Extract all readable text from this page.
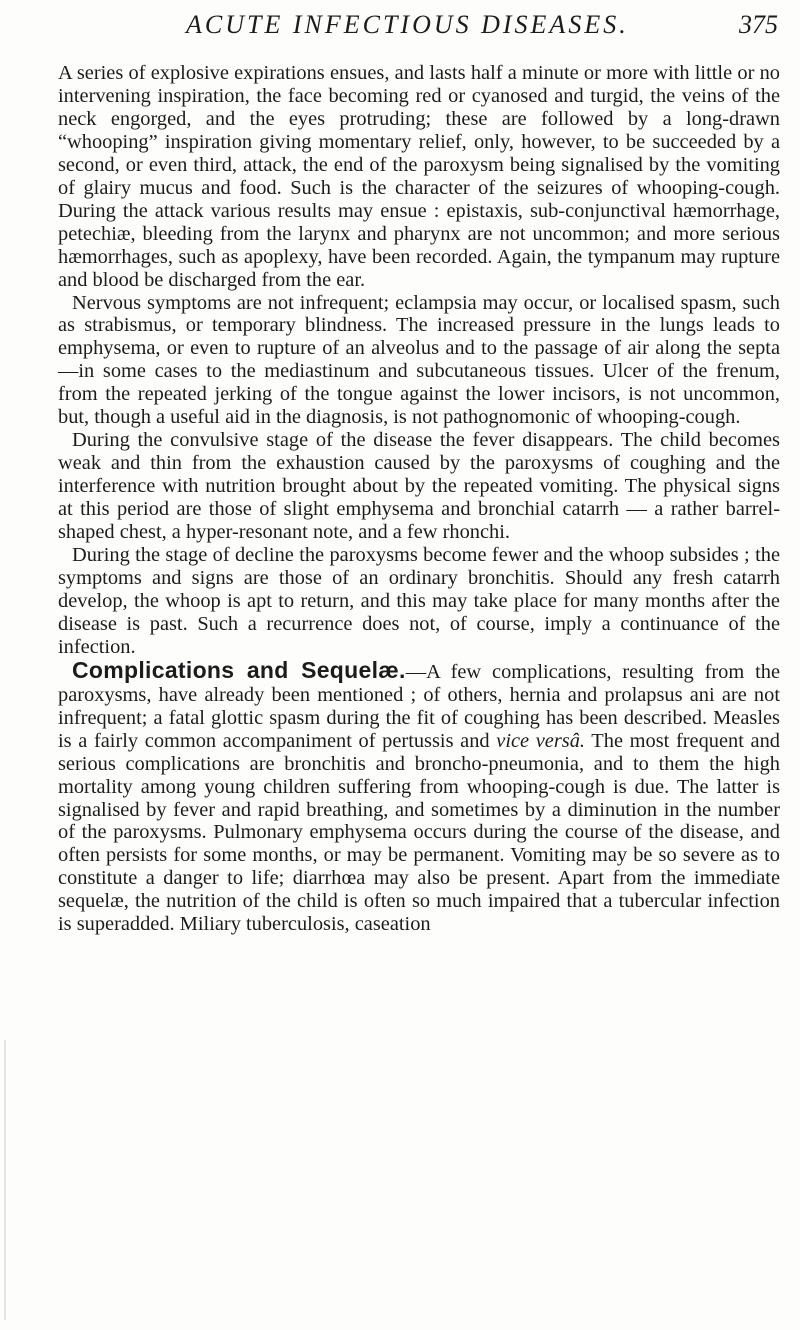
ACUTE INFECTIOUS DISEASES.	375

A series of explosive expirations ensues, and lasts half a minute or more with little or no intervening inspiration, the face becoming red or cyanosed and turgid, the veins of the neck engorged, and the eyes protruding; these are followed by a long-drawn “whooping” inspiration giving momentary relief, only, however, to be succeeded by a second, or even third, attack, the end of the paroxysm being signalised by the vomiting of glairy mucus and food. Such is the character of the seizures of whooping-cough. During the attack various results may ensue : epistaxis, sub-conjunctival hæmorrhage, petechiæ, bleeding from the larynx and pharynx are not uncommon; and more serious hæmorrhages, such as apoplexy, have been recorded. Again, the tympanum may rupture and blood be discharged from the ear.

Nervous symptoms are not infrequent; eclampsia may occur, or localised spasm, such as strabismus, or temporary blindness. The increased pressure in the lungs leads to emphysema, or even to rupture of an alveolus and to the passage of air along the septa —in some cases to the mediastinum and subcutaneous tissues. Ulcer of the frenum, from the repeated jerking of the tongue against the lower incisors, is not uncommon, but, though a useful aid in the diagnosis, is not pathognomonic of whooping-cough.

During the convulsive stage of the disease the fever disappears. The child becomes weak and thin from the exhaustion caused by the paroxysms of coughing and the interference with nutrition brought about by the repeated vomiting. The physical signs at this period are those of slight emphysema and bronchial catarrh — a rather barrel-shaped chest, a hyper-resonant note, and a few rhonchi.

During the stage of decline the paroxysms become fewer and the whoop subsides ; the symptoms and signs are those of an ordinary bronchitis. Should any fresh catarrh develop, the whoop is apt to return, and this may take place for many months after the disease is past. Such a recurrence does not, of course, imply a continuance of the infection.

Complications and Sequelæ.—A few complications, resulting from the paroxysms, have already been mentioned ; of others, hernia and prolapsus ani are not infrequent; a fatal glottic spasm during the fit of coughing has been described. Measles is a fairly common accompaniment of pertussis and vice versâ. The most frequent and serious complications are bronchitis and broncho-pneumonia, and to them the high mortality among young children suffering from whooping-cough is due. The latter is signalised by fever and rapid breathing, and sometimes by a diminution in the number of the paroxysms. Pulmonary emphysema occurs during the course of the disease, and often persists for some months, or may be permanent. Vomiting may be so severe as to constitute a danger to life; diarrhœa may also be present. Apart from the immediate sequelæ, the nutrition of the child is often so much impaired that a tubercular infection is superadded. Miliary tuberculosis, caseation
